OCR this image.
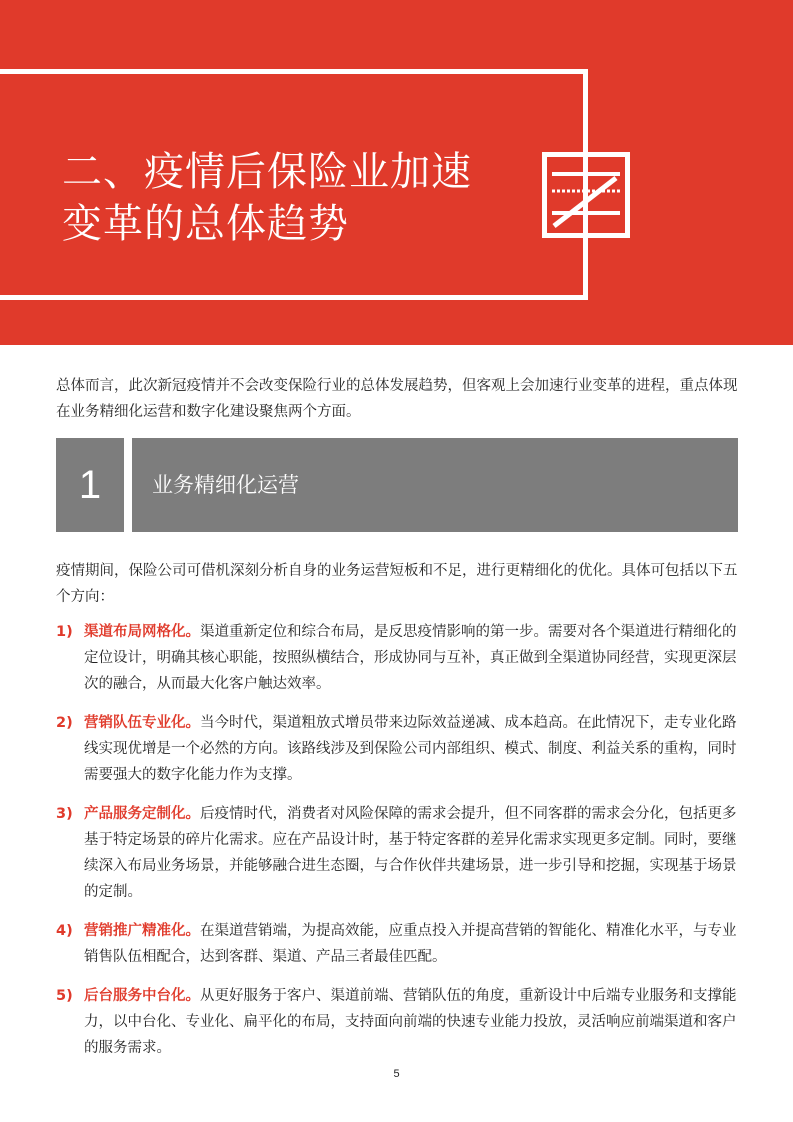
二、疫情后保险业加速
变革的总体趋势

总体而言，此次新冠疫情并不会改变保险行业的总体发展趋势，但客观上会加速行业变革的进程，重点体现在业务精细化运营和数字化建设聚焦两个方面。

1	业务精细化运营

疫情期间，保险公司可借机深刻分析自身的业务运营短板和不足，进行更精细化的优化。具体可包括以下五个方向：

1) 渠道布局网格化。渠道重新定位和综合布局，是反思疫情影响的第一步。需要对各个渠道进行精细化的定位设计，明确其核心职能，按照纵横结合，形成协同与互补，真正做到全渠道协同经营，实现更深层次的融合，从而最大化客户触达效率。

2) 营销队伍专业化。当今时代，渠道粗放式增员带来边际效益递减、成本趋高。在此情况下，走专业化路线实现优增是一个必然的方向。该路线涉及到保险公司内部组织、模式、制度、利益关系的重构，同时需要强大的数字化能力作为支撑。

3) 产品服务定制化。后疫情时代，消费者对风险保障的需求会提升，但不同客群的需求会分化，包括更多基于特定场景的碎片化需求。应在产品设计时，基于特定客群的差异化需求实现更多定制。同时，要继续深入布局业务场景，并能够融合进生态圈，与合作伙伴共建场景，进一步引导和挖掘，实现基于场景的定制。

4) 营销推广精准化。在渠道营销端，为提高效能，应重点投入并提高营销的智能化、精准化水平，与专业销售队伍相配合，达到客群、渠道、产品三者最佳匹配。

5) 后台服务中台化。从更好服务于客户、渠道前端、营销队伍的角度，重新设计中后端专业服务和支撑能力，以中台化、专业化、扁平化的布局，支持面向前端的快速专业能力投放，灵活响应前端渠道和客户的服务需求。

5
